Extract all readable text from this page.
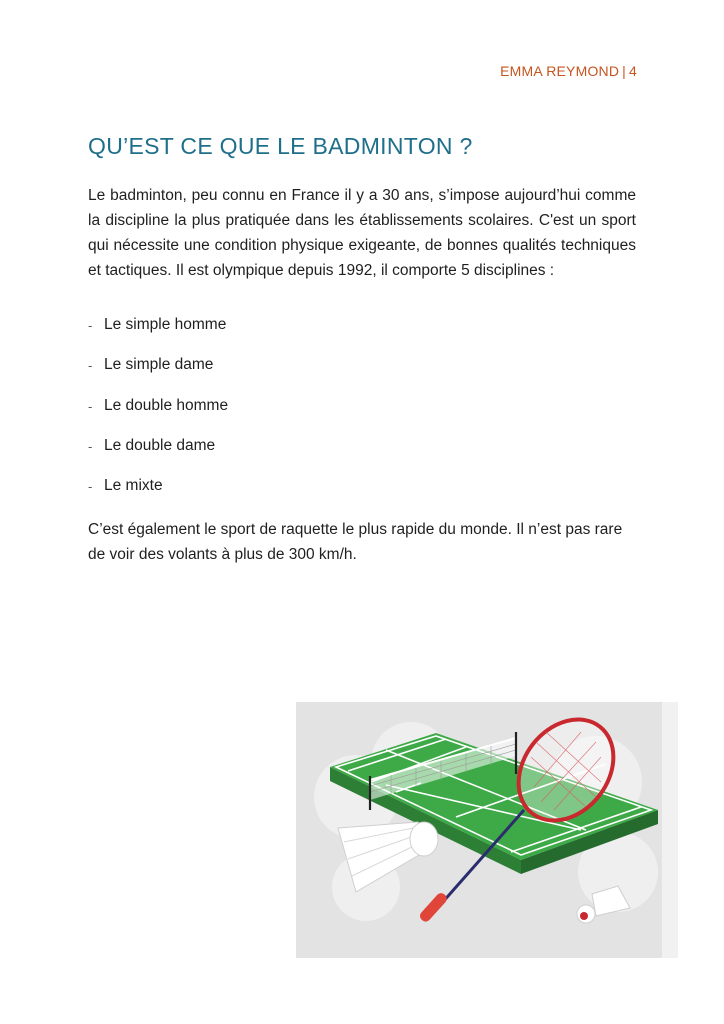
EMMA REYMOND | 4
QU’EST CE QUE LE BADMINTON ?

Le badminton, peu connu en France il y a 30 ans, s’impose aujourd’hui comme la discipline la plus pratiquée dans les établissements scolaires. C'est un sport qui nécessite une condition physique exigeante, de bonnes qualités techniques et tactiques. Il est olympique depuis 1992, il comporte 5 disciplines :

- Le simple homme
- Le simple dame
- Le double homme
- Le double dame
- Le mixte

C’est également le sport de raquette le plus rapide du monde. Il n’est pas rare de voir des volants à plus de 300 km/h.
